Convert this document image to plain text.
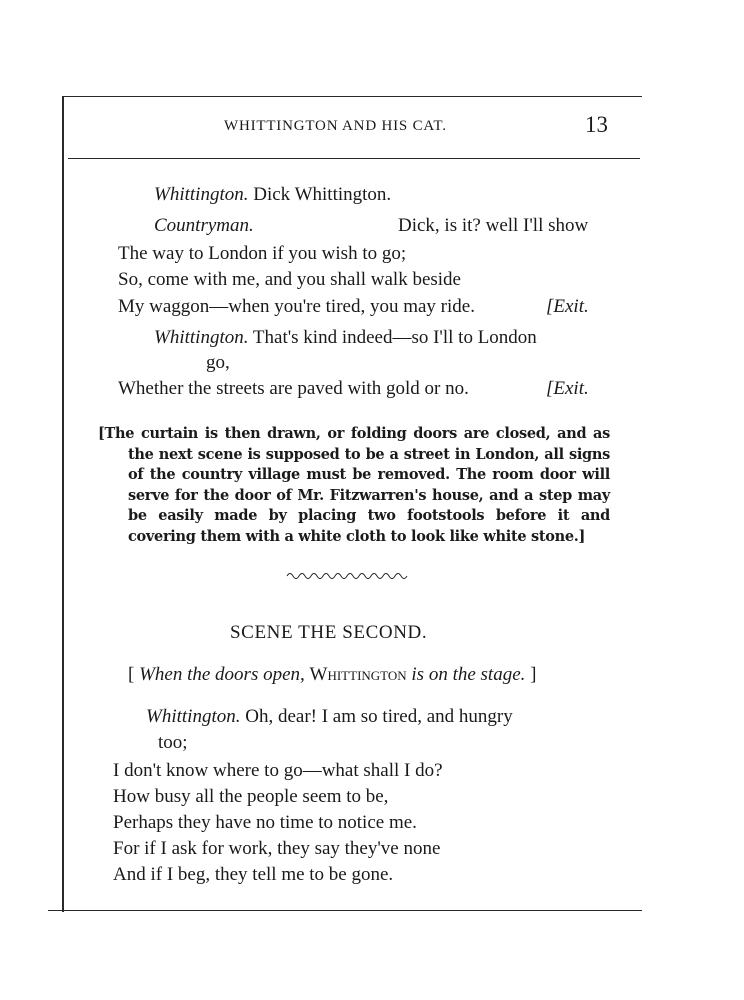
WHITTINGTON AND HIS CAT.	13
Whittington. Dick Whittington.
Countryman.	Dick, is it? well I'll show
The way to London if you wish to go;
So, come with me, and you shall walk beside
My waggon—when you're tired, you may ride.	[Exit.
Whittington. That's kind indeed—so I'll to London
go,
Whether the streets are paved with gold or no.	[Exit.
[The curtain is then drawn, or folding doors are closed, and as the next scene is supposed to be a street in London, all signs of the country village must be removed. The room door will serve for the door of Mr. Fitzwarren's house, and a step may be easily made by placing two footstools before it and covering them with a white cloth to look like white stone.]
SCENE THE SECOND.
[ When the doors open, Whittington is on the stage. ]
Whittington. Oh, dear! I am so tired, and hungry
too;
I don't know where to go—what shall I do?
How busy all the people seem to be,
Perhaps they have no time to notice me.
For if I ask for work, they say they've none
And if I beg, they tell me to be gone.
